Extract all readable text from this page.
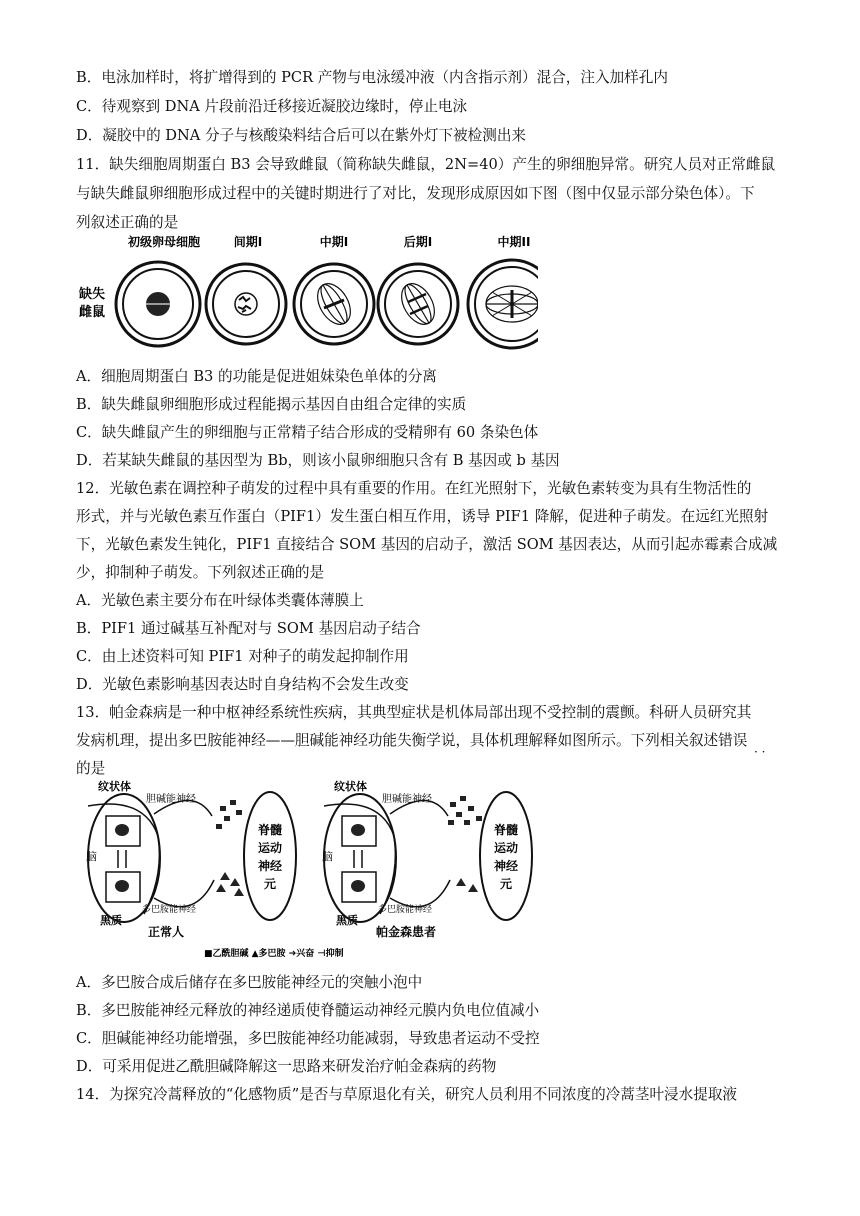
B．电泳加样时，将扩增得到的 PCR 产物与电泳缓冲液（内含指示剂）混合，注入加样孔内
C．待观察到 DNA 片段前沿迁移接近凝胶边缘时，停止电泳
D．凝胶中的 DNA 分子与核酸染料结合后可以在紫外灯下被检测出来
11．缺失细胞周期蛋白 B3 会导致雌鼠（简称缺失雌鼠，2N=40）产生的卵细胞异常。研究人员对正常雌鼠
与缺失雌鼠卵细胞形成过程中的关键时期进行了对比，发现形成原因如下图（图中仅显示部分染色体）。下
列叙述正确的是
初级卵母细胞	间期I	中期I	后期I	中期II
缺失
雌鼠
A．细胞周期蛋白 B3 的功能是促进姐妹染色单体的分离
B．缺失雌鼠卵细胞形成过程能揭示基因自由组合定律的实质
C．缺失雌鼠产生的卵细胞与正常精子结合形成的受精卵有 60 条染色体
D．若某缺失雌鼠的基因型为 Bb，则该小鼠卵细胞只含有 B 基因或 b 基因
12．光敏色素在调控种子萌发的过程中具有重要的作用。在红光照射下，光敏色素转变为具有生物活性的
形式，并与光敏色素互作蛋白（PIF1）发生蛋白相互作用，诱导 PIF1 降解，促进种子萌发。在远红光照射
下，光敏色素发生钝化，PIF1 直接结合 SOM 基因的启动子，激活 SOM 基因表达，从而引起赤霉素合成减
少，抑制种子萌发。下列叙述正确的是
A．光敏色素主要分布在叶绿体类囊体薄膜上
B．PIF1 通过碱基互补配对与 SOM 基因启动子结合
C．由上述资料可知 PIF1 对种子的萌发起抑制作用
D．光敏色素影响基因表达时自身结构不会发生改变
13．帕金森病是一种中枢神经系统性疾病，其典型症状是机体局部出现不受控制的震颤。科研人员研究其
发病机理，提出多巴胺能神经——胆碱能神经功能失衡学说，具体机理解释如图所示。下列相关叙述错误
· ·
的是
纹状体
胆碱能神经
脑
黑质
多巴胺能神经
正常人
脊髓
运动
神经
元
纹状体
胆碱能神经
脑
黑质
多巴胺能神经
帕金森患者
脊髓
运动
神经
元
■乙酰胆碱 ▲多巴胺 ➔兴奋 ⊣抑制
A．多巴胺合成后储存在多巴胺能神经元的突触小泡中
B．多巴胺能神经元释放的神经递质使脊髓运动神经元膜内负电位值减小
C．胆碱能神经功能增强，多巴胺能神经功能减弱，导致患者运动不受控
D．可采用促进乙酰胆碱降解这一思路来研发治疗帕金森病的药物
14．为探究冷蒿释放的“化感物质”是否与草原退化有关，研究人员利用不同浓度的冷蒿茎叶浸水提取液
